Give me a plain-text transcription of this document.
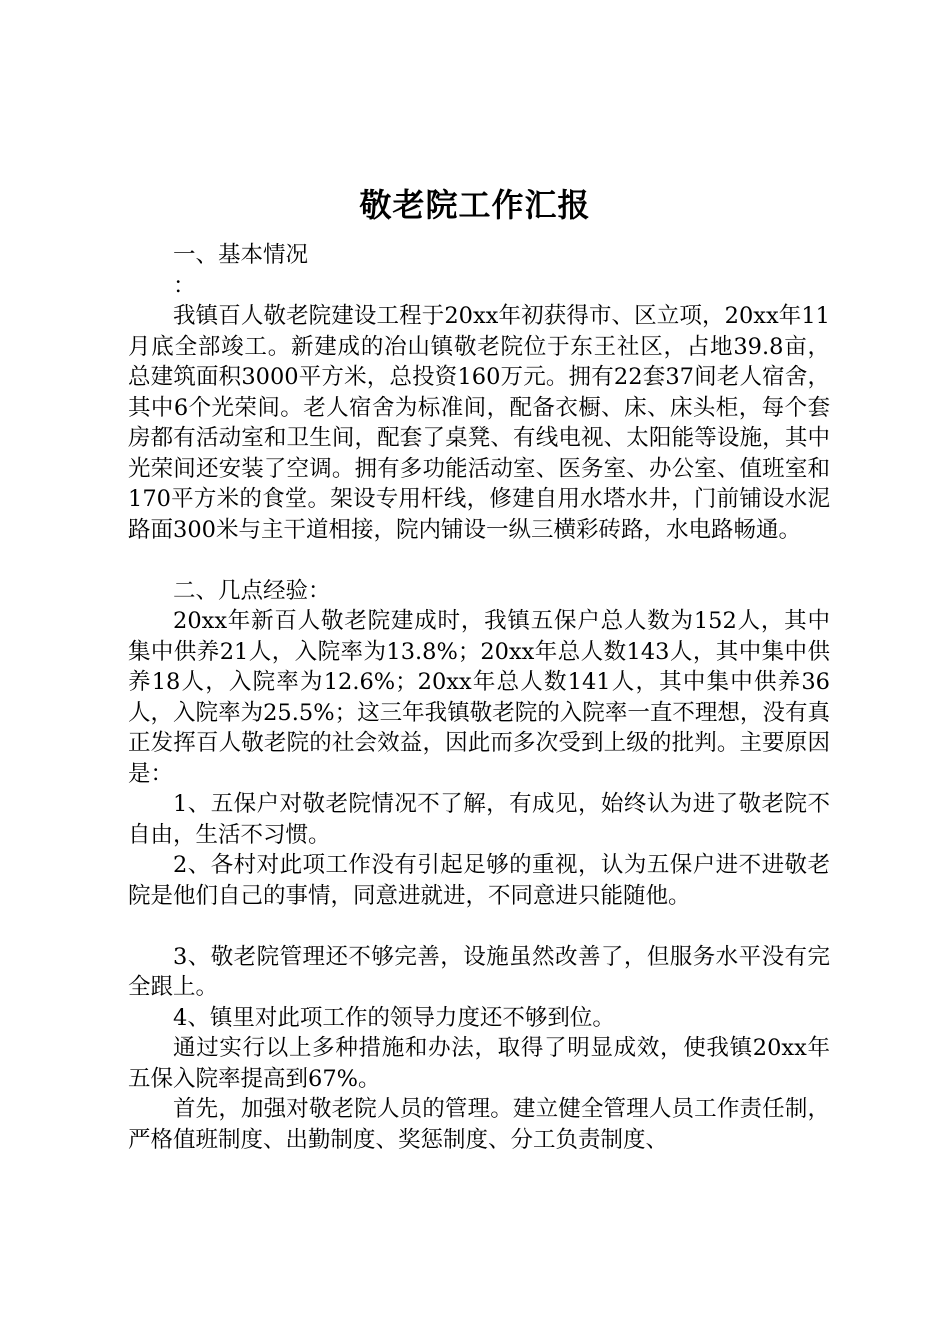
敬老院工作汇报

一、基本情况

：

我镇百人敬老院建设工程于20xx年初获得市、区立项，20xx年11月底全部竣工。新建成的冶山镇敬老院位于东王社区，占地39.8亩，总建筑面积3000平方米，总投资160万元。拥有22套37间老人宿舍，其中6个光荣间。老人宿舍为标准间，配备衣橱、床、床头柜，每个套房都有活动室和卫生间，配套了桌凳、有线电视、太阳能等设施，其中光荣间还安装了空调。拥有多功能活动室、医务室、办公室、值班室和170平方米的食堂。架设专用杆线，修建自用水塔水井，门前铺设水泥路面300米与主干道相接，院内铺设一纵三横彩砖路，水电路畅通。

二、几点经验：

20xx年新百人敬老院建成时，我镇五保户总人数为152人，其中集中供养21人，入院率为13.8%；20xx年总人数143人，其中集中供养18人，入院率为12.6%；20xx年总人数141人，其中集中供养36人，入院率为25.5%；这三年我镇敬老院的入院率一直不理想，没有真正发挥百人敬老院的社会效益，因此而多次受到上级的批判。主要原因是：

1、五保户对敬老院情况不了解，有成见，始终认为进了敬老院不自由，生活不习惯。

2、各村对此项工作没有引起足够的重视，认为五保户进不进敬老院是他们自己的事情，同意进就进，不同意进只能随他。

3、敬老院管理还不够完善，设施虽然改善了，但服务水平没有完全跟上。

4、镇里对此项工作的领导力度还不够到位。

通过实行以上多种措施和办法，取得了明显成效，使我镇20xx年五保入院率提高到67%。

首先，加强对敬老院人员的管理。建立健全管理人员工作责任制，严格值班制度、出勤制度、奖惩制度、分工负责制度、
